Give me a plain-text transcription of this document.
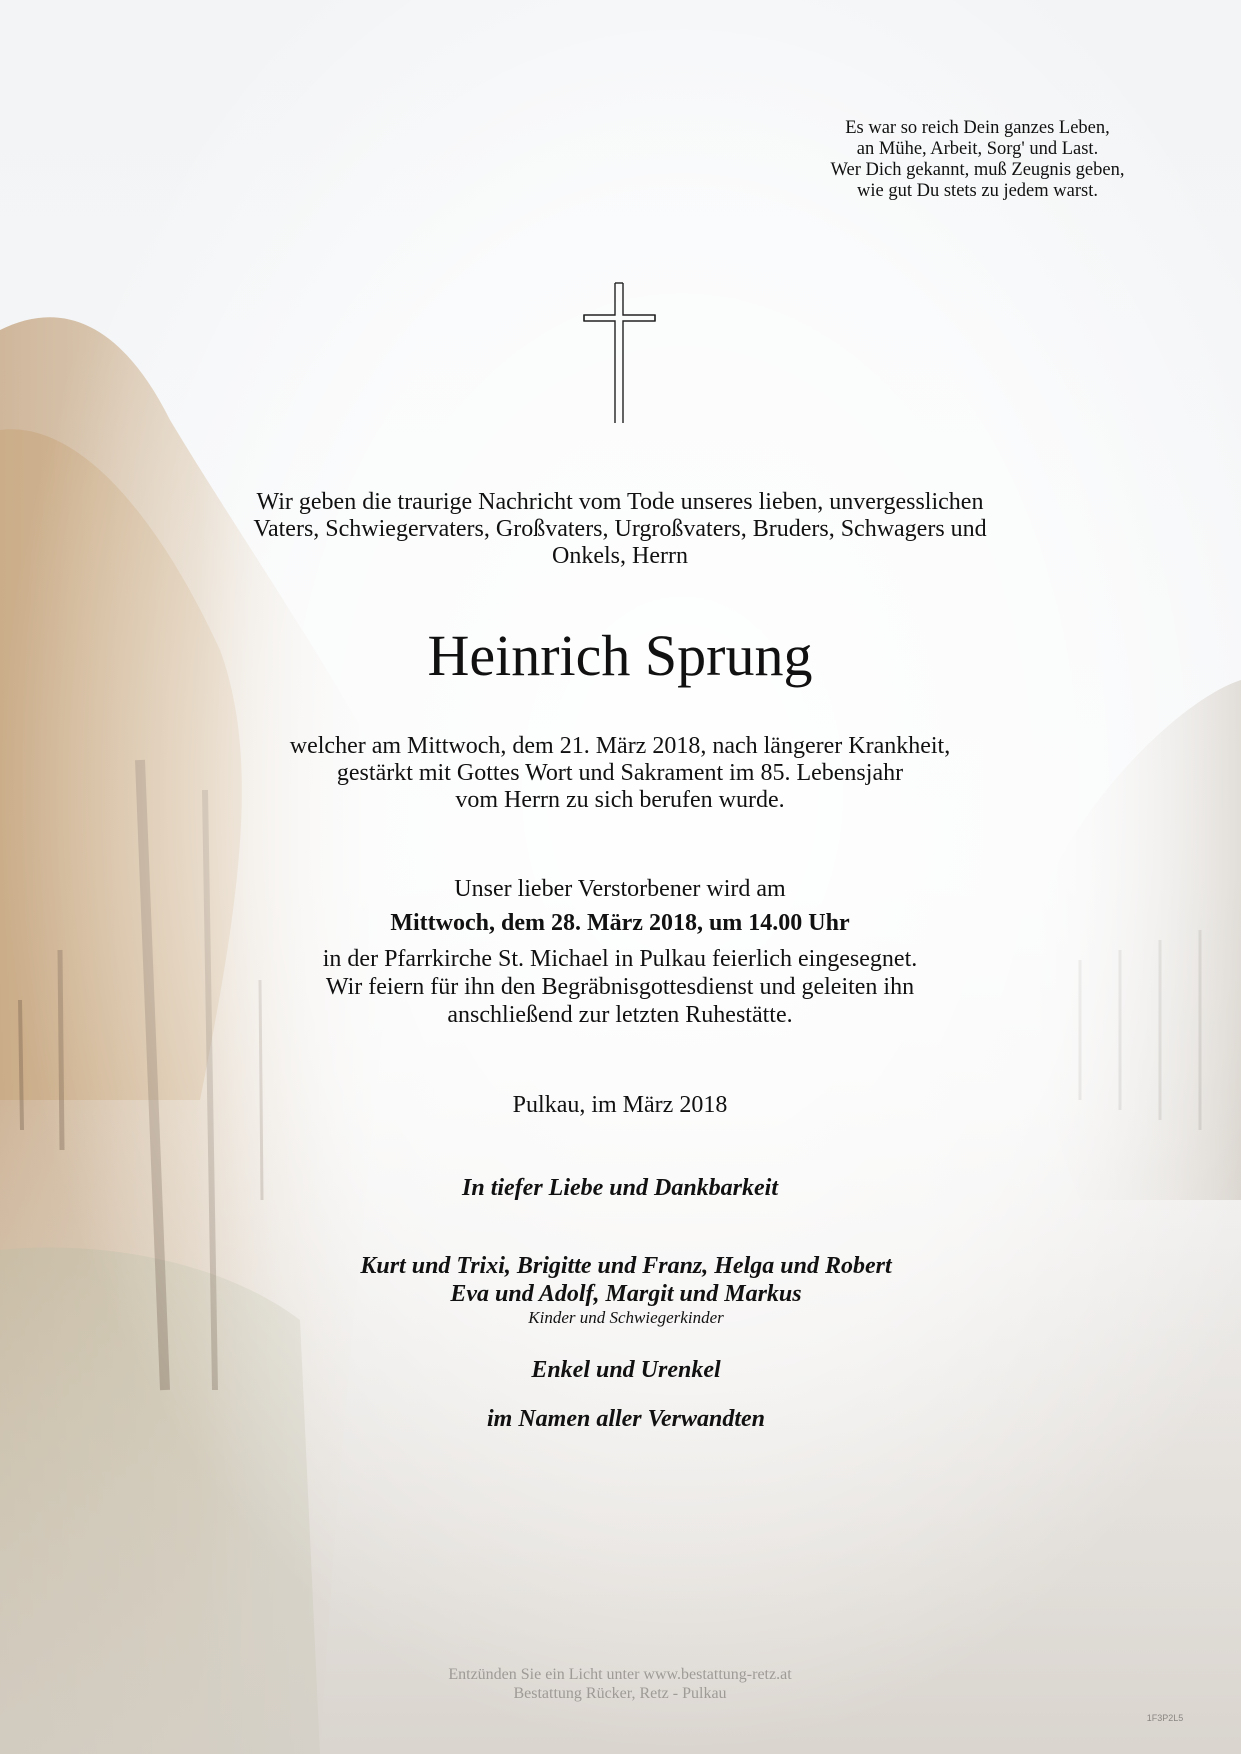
Es war so reich Dein ganzes Leben,
an Mühe, Arbeit, Sorg' und Last.
Wer Dich gekannt, muß Zeugnis geben,
wie gut Du stets zu jedem warst.
Wir geben die traurige Nachricht vom Tode unseres lieben, unvergesslichen
Vaters, Schwiegervaters, Großvaters, Urgroßvaters, Bruders, Schwagers und
Onkels, Herrn
Heinrich Sprung
welcher am Mittwoch, dem 21. März 2018, nach längerer Krankheit,
gestärkt mit Gottes Wort und Sakrament im 85. Lebensjahr
vom Herrn zu sich berufen wurde.
Unser lieber Verstorbener wird am
Mittwoch, dem 28. März 2018, um 14.00 Uhr
in der Pfarrkirche St. Michael in Pulkau feierlich eingesegnet.
Wir feiern für ihn den Begräbnisgottesdienst und geleiten ihn
anschließend zur letzten Ruhestätte.
Pulkau, im März 2018
In tiefer Liebe und Dankbarkeit
Kurt und Trixi, Brigitte und Franz, Helga und Robert
Eva und Adolf, Margit und Markus
Kinder und Schwiegerkinder
Enkel und Urenkel
im Namen aller Verwandten
Entzünden Sie ein Licht unter www.bestattung-retz.at
Bestattung Rücker, Retz - Pulkau
1F3P2L5
